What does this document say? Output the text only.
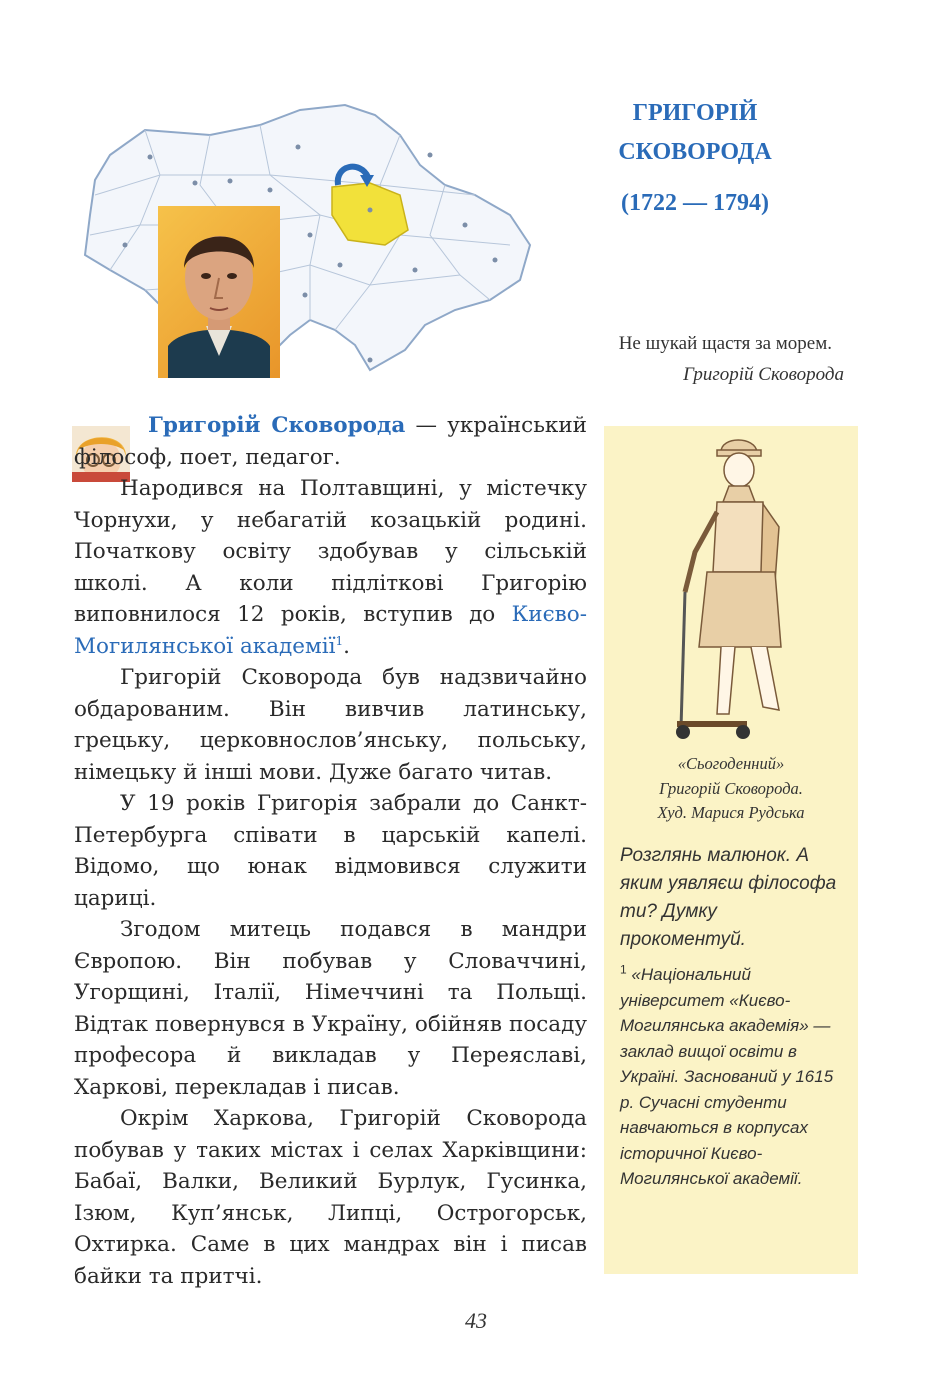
ГРИГОРІЙ
СКОВОРОДА
(1722 — 1794)
Не шукай щастя за морем.
Григорій Сковорода

Григорій Сковорода — український філософ, поет, педагог.

Народився на Полтавщині, у містечку Чорнухи, у небагатій козацькій родині. Початкову освіту здобував у сільській школі. А коли підліткові Григорію виповнилося 12 років, вступив до Києво-Могилянської академії$^1$.

Григорій Сковорода був надзвичайно обдарованим. Він вивчив латинську, грецьку, церковнослов’янську, польську, німецьку й інші мови. Дуже багато читав.

У 19 років Григорія забрали до Санкт-Петербурга співати в царській капелі. Відомо, що юнак відмовився служити цариці.

Згодом митець подався в мандри Європою. Він побував у Словаччині, Угорщині, Італії, Німеччині та Польщі. Відтак повернувся в Україну, обійняв посаду професора й викладав у Переяславі, Харкові, перекладав і писав.

Окрім Харкова, Григорій Сковорода побував у таких містах і селах Харківщини: Бабаї, Валки, Великий Бурлук, Гусинка, Ізюм, Куп’янськ, Липці, Острогорськ, Охтирка. Саме в цих мандрах він і писав байки та притчі.

«Сьогоденний»
Григорій Сковорода.
Худ. Марися Рудська
Розглянь малюнок. А яким уявляєш філософа ти? Думку прокоментуй.
$^1$ «Національний університет «Києво-Могилянська академія» — заклад вищої освіти в Україні. Заснований у 1615 р. Сучасні студенти навчаються в корпусах історичної Києво-Могилянської академії.
43
